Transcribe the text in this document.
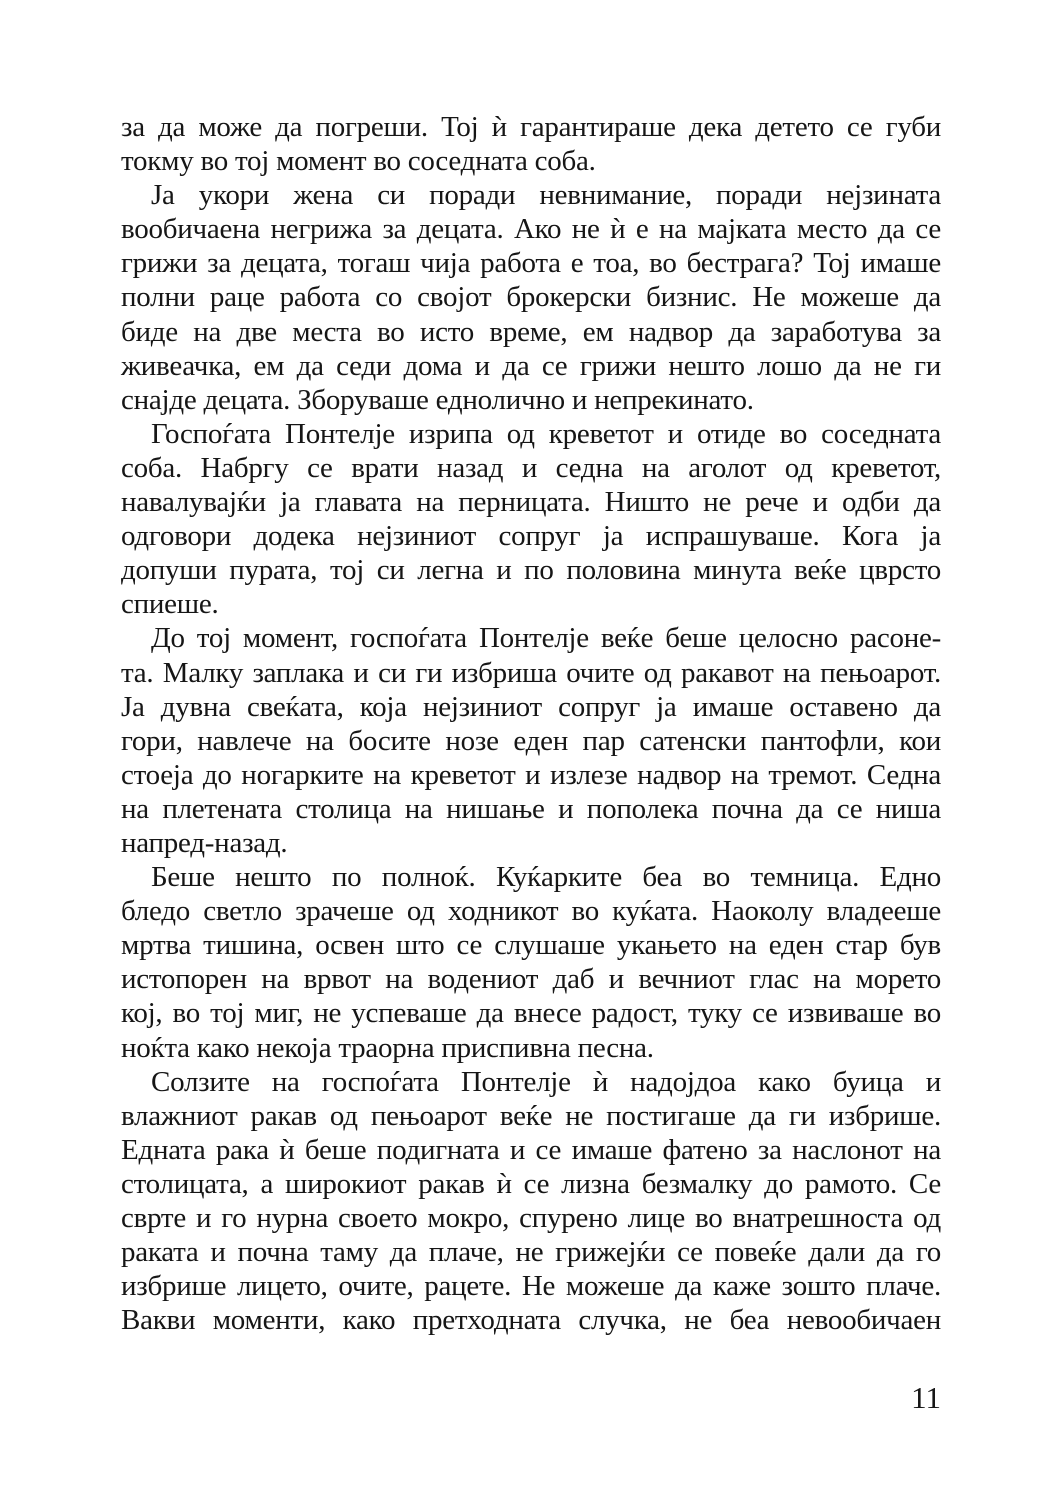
за да може да погреши. Тој ѝ гарантираше дека детето се губи
токму во тој момент во соседната соба.
Ја укори жена си поради невнимание, поради нејзината
вообичаена негрижа за децата. Ако не ѝ е на мајката место да се
грижи за децата, тогаш чија работа е тоа, во бестрага? Тој имаше
полни раце работа со својот брокерски бизнис. Не можеше да
биде на две места во исто време, ем надвор да заработува за
живеачка, ем да седи дома и да се грижи нешто лошо да не ги
снајде децата. Зборуваше еднолично и непрекинато.
Госпоѓата Понтелје изрипа од креветот и отиде во соседната
соба. Набргу се врати назад и седна на аголот од креветот,
навалувајќи ја главата на перницата. Ништо не рече и одби да
одговори додека нејзиниот сопруг ја испрашуваше. Кога ја
допуши пурата, тој си легна и по половина минута веќе цврсто
спиеше.
До тој момент, госпоѓата Понтелје веќе беше целосно расоне-
та. Малку заплака и си ги избриша очите од ракавот на пењоарот.
Ја дувна свеќата, која нејзиниот сопруг ја имаше оставено да
гори, навлече на босите нозе еден пар сатенски пантофли, кои
стоеја до ногарките на креветот и излезе надвор на тремот. Седна
на плетената столица на нишање и пополека почна да се ниша
напред-назад.
Беше нешто по полноќ. Куќарките беа во темница. Едно
бледо светло зрачеше од ходникот во куќата. Наоколу владееше
мртва тишина, освен што се слушаше укањето на еден стар був
истопорен на врвот на водениот даб и вечниот глас на морето
кој, во тој миг, не успеваше да внесе радост, туку се извиваше во
ноќта како некоја траорна приспивна песна.
Солзите на госпоѓата Понтелје ѝ надојдоа како буица и
влажниот ракав од пењоарот веќе не постигаше да ги избрише.
Едната рака ѝ беше подигната и се имаше фатено за наслонот на
столицата, а широкиот ракав ѝ се лизна безмалку до рамото. Се
сврте и го нурна своето мокро, спурено лице во внатрешноста од
раката и почна таму да плаче, не грижејќи се повеќе дали да го
избрише лицето, очите, рацете. Не можеше да каже зошто плаче.
Вакви моменти, како претходната случка, не беа невообичаен
11
